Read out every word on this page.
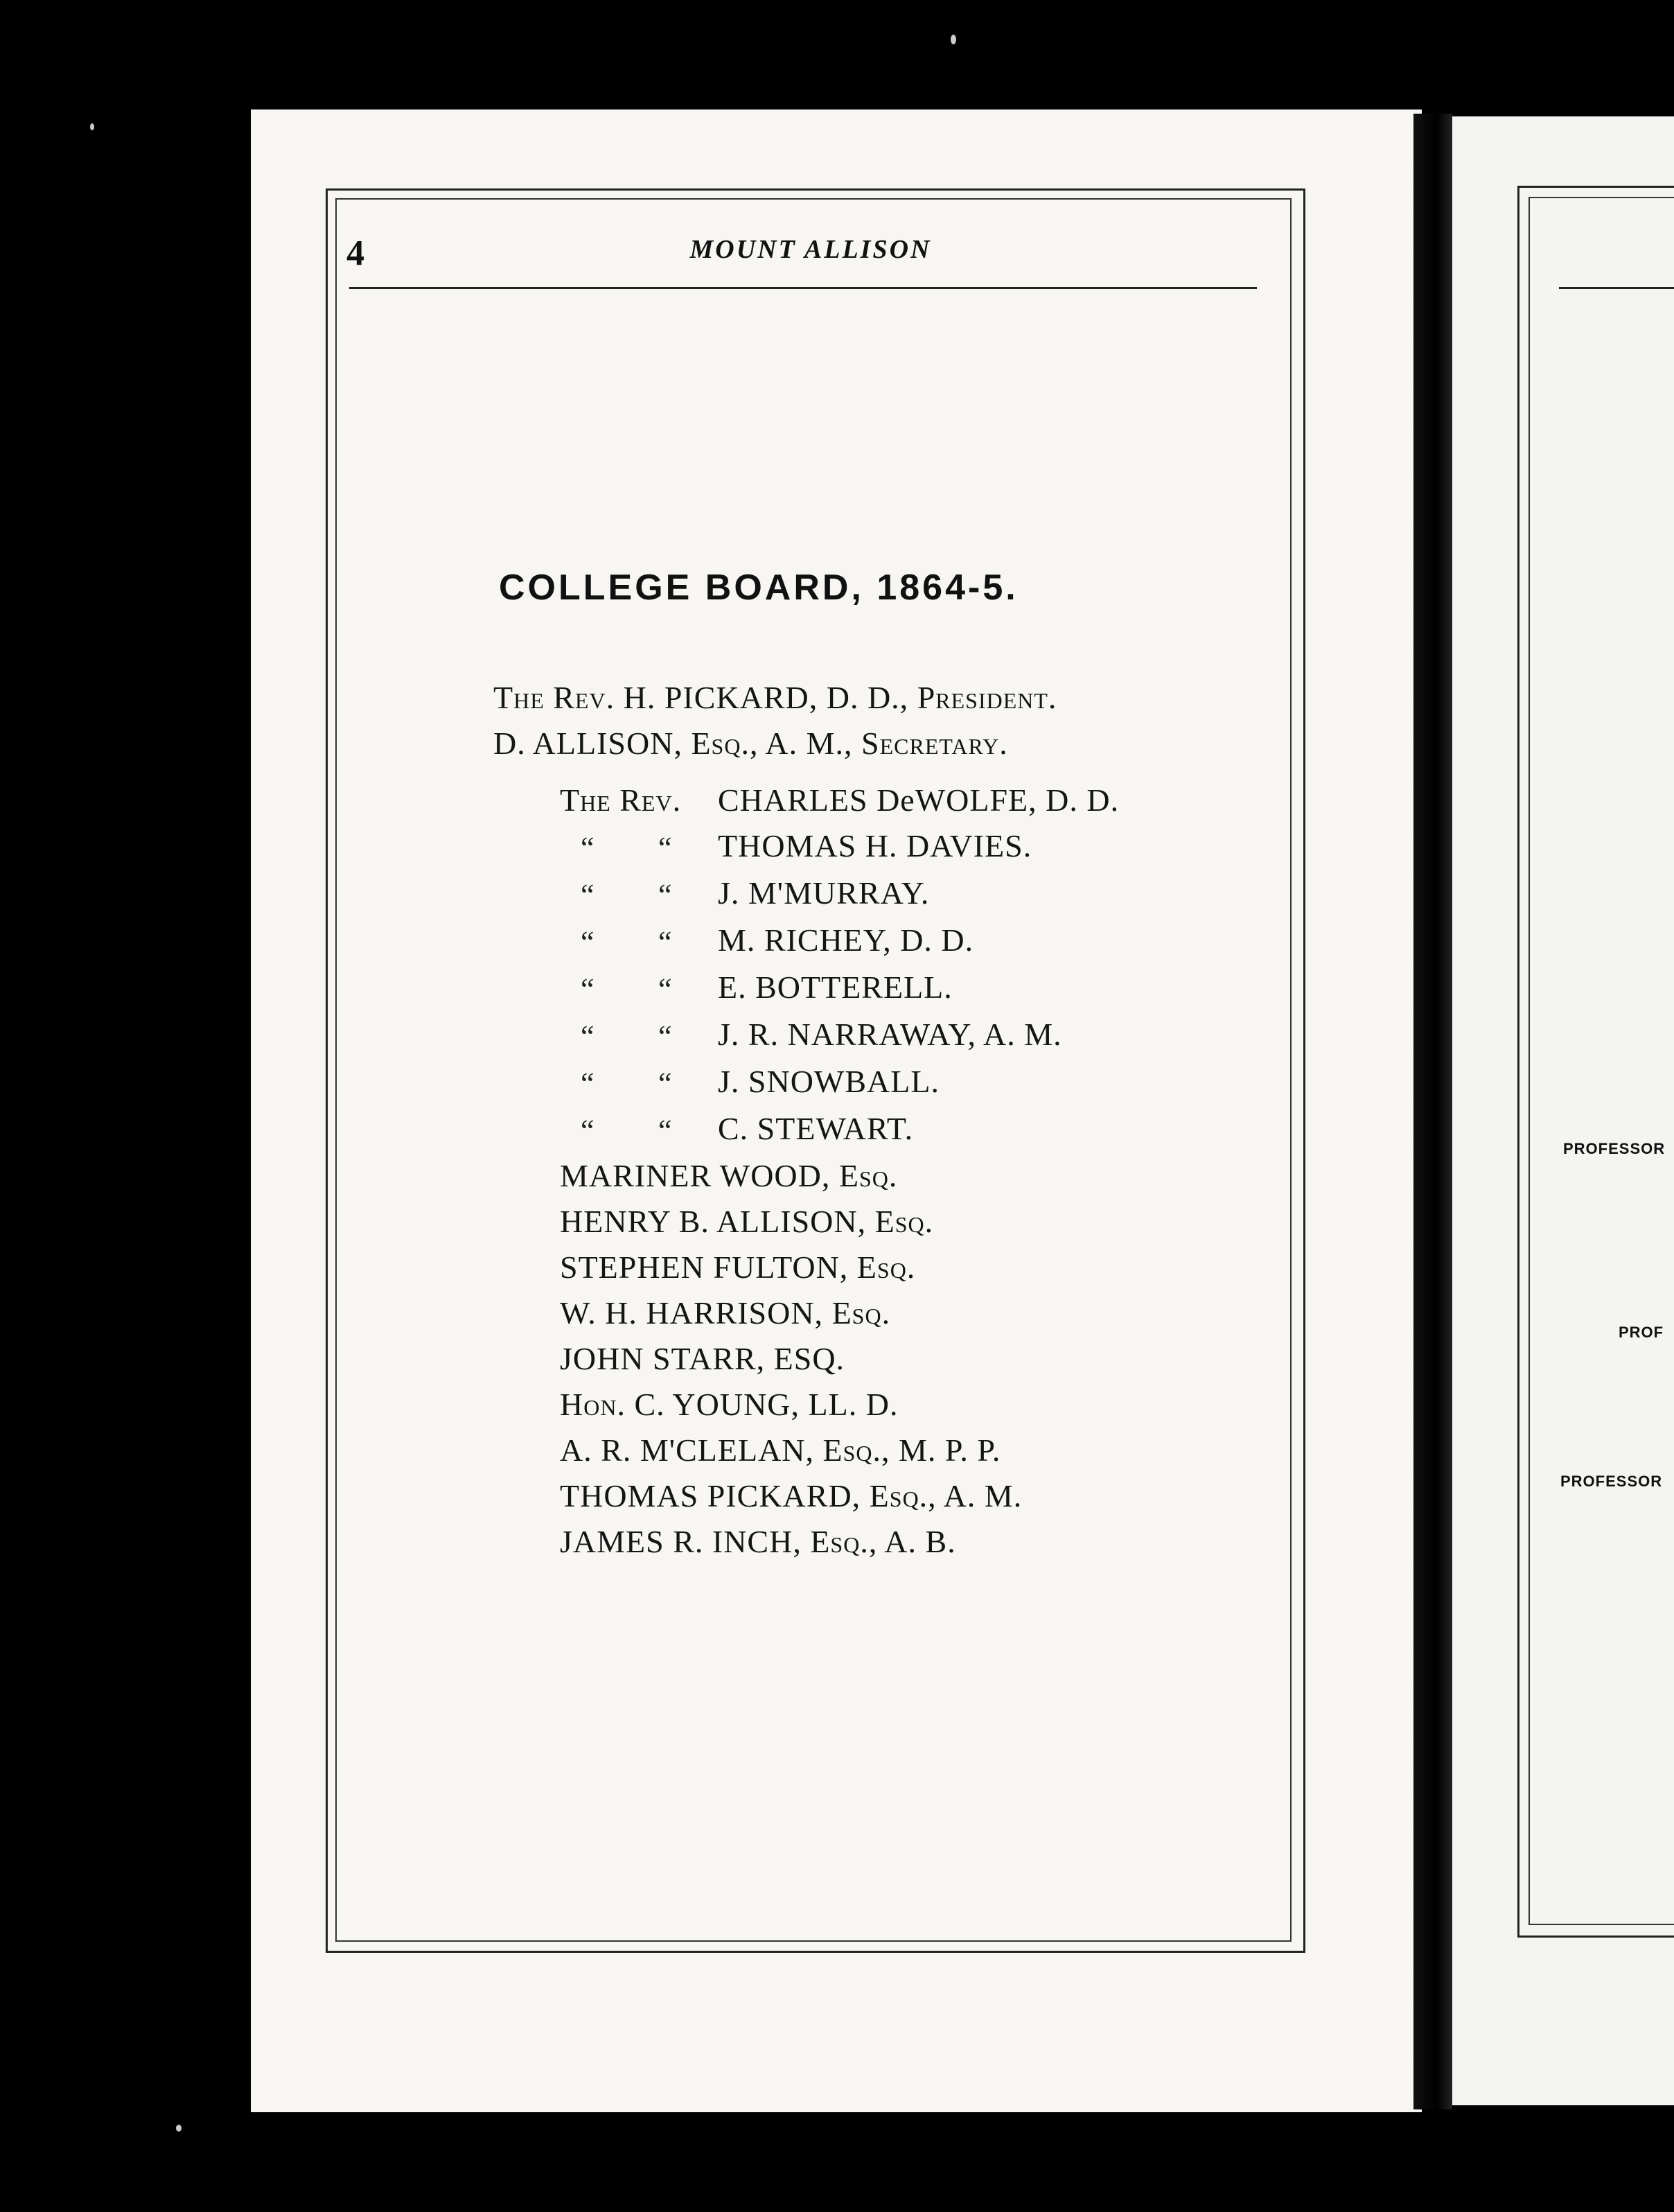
PROFESSOR
PROF
PROFESSOR
4	MOUNT ALLISON
COLLEGE BOARD, 1864-5.
The Rev. H. PICKARD, D. D., President.
D. ALLISON, Esq., A. M., Secretary.
The Rev. CHARLES DeWOLFE, D. D.
“ “ THOMAS H. DAVIES.
“ “ J. M'MURRAY.
“ “ M. RICHEY, D. D.
“ “ E. BOTTERELL.
“ “ J. R. NARRAWAY, A. M.
“ “ J. SNOWBALL.
“ “ C. STEWART.
MARINER WOOD, Esq.
HENRY B. ALLISON, Esq.
STEPHEN FULTON, Esq.
W. H. HARRISON, Esq.
JOHN STARR, ESQ.
Hon. C. YOUNG, LL. D.
A. R. M'CLELAN, Esq., M. P. P.
THOMAS PICKARD, Esq., A. M.
JAMES R. INCH, Esq., A. B.
